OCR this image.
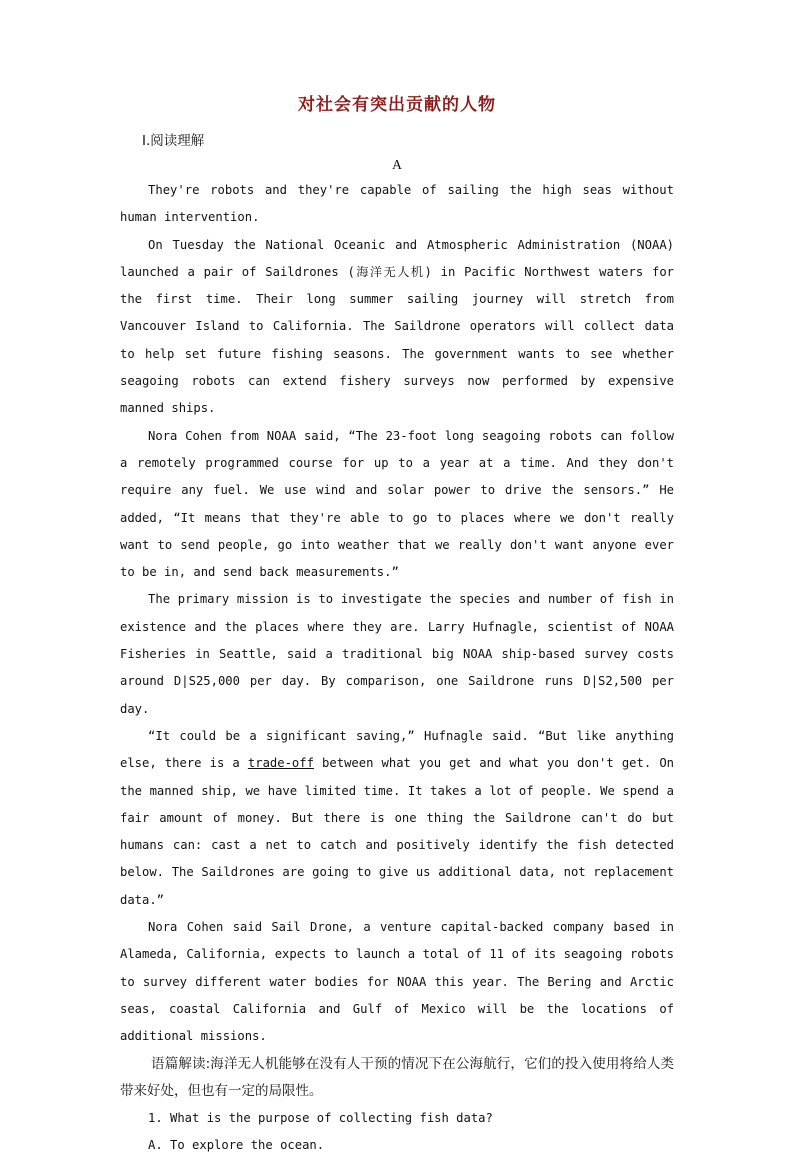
对社会有突出贡献的人物
Ⅰ.阅读理解
A

They're robots and they're capable of sailing the high seas without human intervention.

On Tuesday the National Oceanic and Atmospheric Administration (NOAA) launched a pair of Saildrones (海洋无人机) in Pacific Northwest waters for the first time. Their long summer sailing journey will stretch from Vancouver Island to California. The Saildrone operators will collect data to help set future fishing seasons. The government wants to see whether seagoing robots can extend fishery surveys now performed by expensive manned ships.

Nora Cohen from NOAA said, “The 23-foot long seagoing robots can follow a remotely programmed course for up to a year at a time. And they don't require any fuel. We use wind and solar power to drive the sensors.” He added, “It means that they're able to go to places where we don't really want to send people, go into weather that we really don't want anyone ever to be in, and send back measurements.”

The primary mission is to investigate the species and number of fish in existence and the places where they are. Larry Hufnagle, scientist of NOAA Fisheries in Seattle, said a traditional big NOAA ship-based survey costs around D|S25,000 per day. By comparison, one Saildrone runs D|S2,500 per day.

“It could be a significant saving,” Hufnagle said. “But like anything else, there is a trade-off between what you get and what you don't get. On the manned ship, we have limited time. It takes a lot of people. We spend a fair amount of money. But there is one thing the Saildrone can't do but humans can: cast a net to catch and positively identify the fish detected below. The Saildrones are going to give us additional data, not replacement data.”

Nora Cohen said Sail Drone, a venture capital-backed company based in Alameda, California, expects to launch a total of 11 of its seagoing robots to survey different water bodies for NOAA this year. The Bering and Arctic seas, coastal California and Gulf of Mexico will be the locations of additional missions.

语篇解读:海洋无人机能够在没有人干预的情况下在公海航行，它们的投入使用将给人类带来好处，但也有一定的局限性。

1. What is the purpose of collecting fish data?
A. To explore the ocean.
